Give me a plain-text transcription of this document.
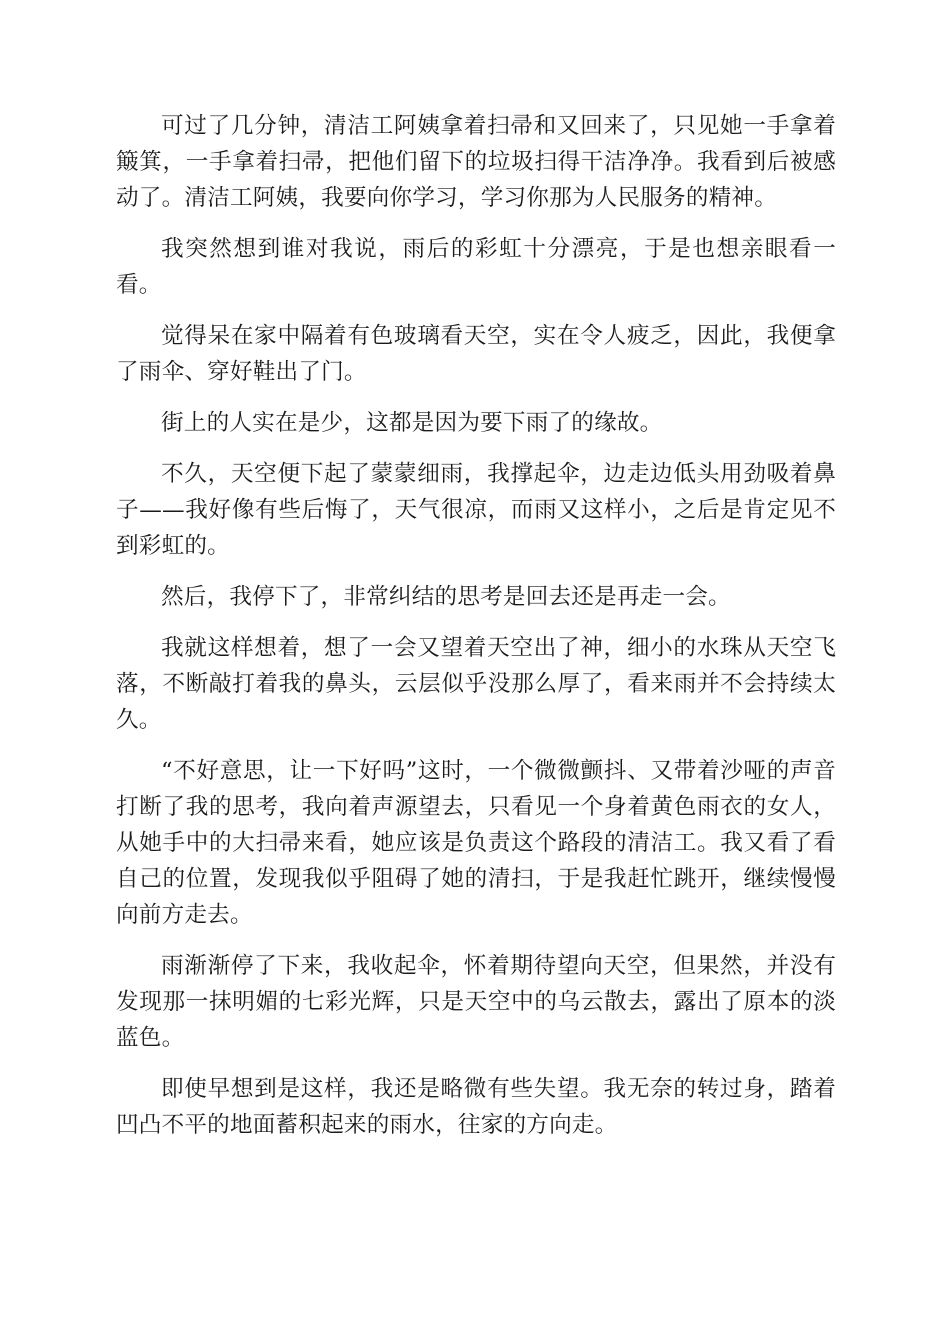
可过了几分钟，清洁工阿姨拿着扫帚和又回来了，只见她一手拿着簸箕，一手拿着扫帚，把他们留下的垃圾扫得干洁净净。我看到后被感动了。清洁工阿姨，我要向你学习，学习你那为人民服务的精神。

我突然想到谁对我说，雨后的彩虹十分漂亮，于是也想亲眼看一看。

觉得呆在家中隔着有色玻璃看天空，实在令人疲乏，因此，我便拿了雨伞、穿好鞋出了门。

街上的人实在是少，这都是因为要下雨了的缘故。

不久，天空便下起了蒙蒙细雨，我撑起伞，边走边低头用劲吸着鼻子——我好像有些后悔了，天气很凉，而雨又这样小，之后是肯定见不到彩虹的。

然后，我停下了，非常纠结的思考是回去还是再走一会。

我就这样想着，想了一会又望着天空出了神，细小的水珠从天空飞落，不断敲打着我的鼻头，云层似乎没那么厚了，看来雨并不会持续太久。

“不好意思，让一下好吗”这时，一个微微颤抖、又带着沙哑的声音打断了我的思考，我向着声源望去，只看见一个身着黄色雨衣的女人，从她手中的大扫帚来看，她应该是负责这个路段的清洁工。我又看了看自己的位置，发现我似乎阻碍了她的清扫，于是我赶忙跳开，继续慢慢向前方走去。

雨渐渐停了下来，我收起伞，怀着期待望向天空，但果然，并没有发现那一抹明媚的七彩光辉，只是天空中的乌云散去，露出了原本的淡蓝色。

即使早想到是这样，我还是略微有些失望。我无奈的转过身，踏着凹凸不平的地面蓄积起来的雨水，往家的方向走。
